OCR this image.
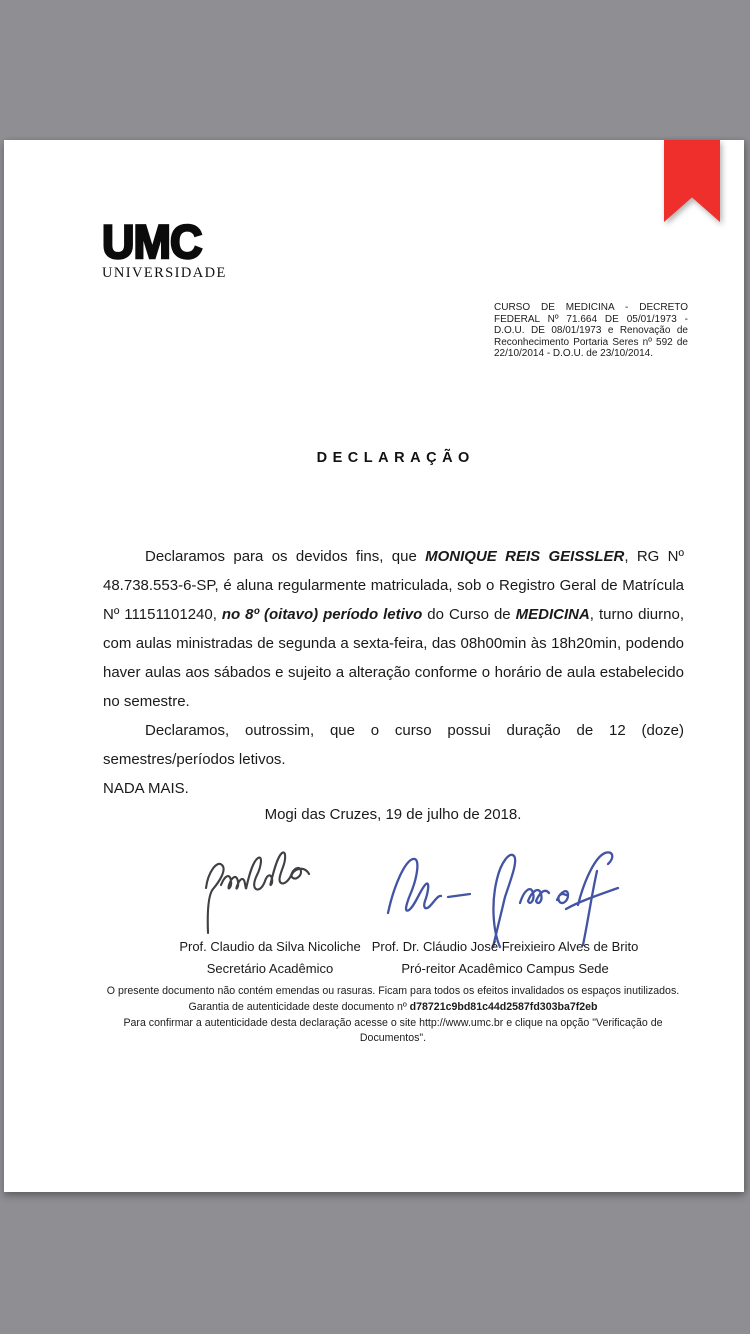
UMC
UNIVERSIDADE
CURSO DE MEDICINA - DECRETO FEDERAL Nº 71.664 DE 05/01/1973 - D.O.U. DE 08/01/1973 e Renovação de Reconhecimento Portaria Seres nº 592 de 22/10/2014 - D.O.U. de 23/10/2014.
DECLARAÇÃO

Declaramos para os devidos fins, que MONIQUE REIS GEISSLER, RG Nº 48.738.553-6-SP, é aluna regularmente matriculada, sob o Registro Geral de Matrícula Nº 11151101240, no 8º (oitavo) período letivo do Curso de MEDICINA, turno diurno, com aulas ministradas de segunda a sexta-feira, das 08h00min às 18h20min, podendo haver aulas aos sábados e sujeito a alteração conforme o horário de aula estabelecido no semestre.

Declaramos, outrossim, que o curso possui duração de 12 (doze) semestres/períodos letivos.

NADA MAIS.

Mogi das Cruzes, 19 de julho de 2018.
Prof. Claudio da Silva Nicoliche
Secretário Acadêmico
Prof. Dr. Cláudio José Freixieiro Alves de Brito
Pró-reitor Acadêmico Campus Sede
O presente documento não contém emendas ou rasuras. Ficam para todos os efeitos invalidados os espaços inutilizados.
Garantia de autenticidade deste documento nº d78721c9bd81c44d2587fd303ba7f2eb
Para confirmar a autenticidade desta declaração acesse o site http://www.umc.br e clique na opção "Verificação de Documentos".
